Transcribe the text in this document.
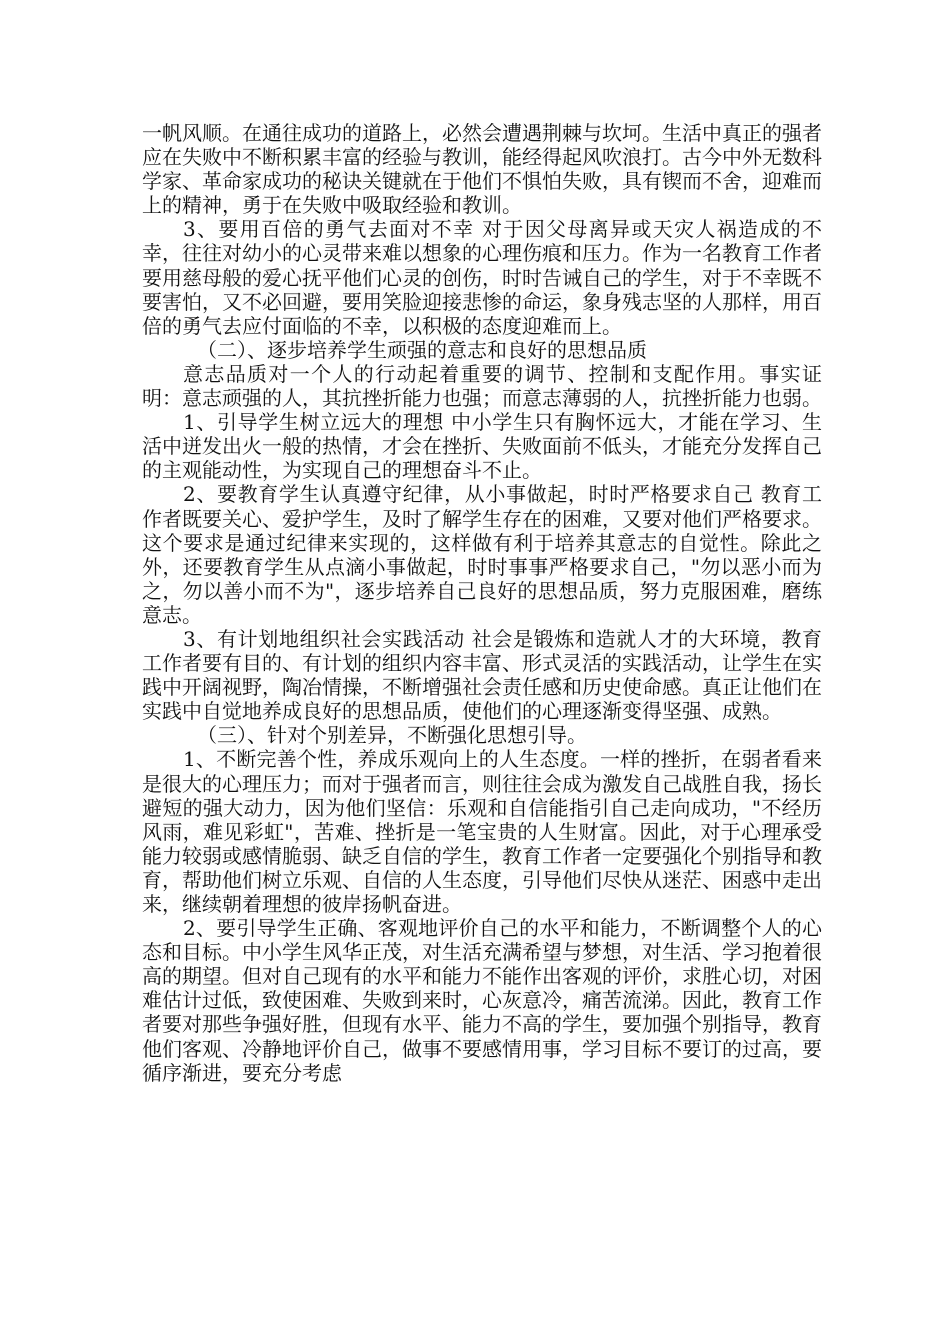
一帆风顺。在通往成功的道路上，必然会遭遇荆棘与坎坷。生活中真正的强者应在失败中不断积累丰富的经验与教训，能经得起风吹浪打。古今中外无数科学家、革命家成功的秘诀关键就在于他们不惧怕失败，具有锲而不舍，迎难而上的精神，勇于在失败中吸取经验和教训。

3、要用百倍的勇气去面对不幸 对于因父母离异或天灾人祸造成的不幸，往往对幼小的心灵带来难以想象的心理伤痕和压力。作为一名教育工作者要用慈母般的爱心抚平他们心灵的创伤，时时告诫自己的学生，对于不幸既不要害怕，又不必回避，要用笑脸迎接悲惨的命运，象身残志坚的人那样，用百倍的勇气去应付面临的不幸，以积极的态度迎难而上。

（二）、逐步培养学生顽强的意志和良好的思想品质

意志品质对一个人的行动起着重要的调节、控制和支配作用。事实证明：意志顽强的人，其抗挫折能力也强；而意志薄弱的人，抗挫折能力也弱。

1、引导学生树立远大的理想 中小学生只有胸怀远大，才能在学习、生活中迸发出火一般的热情，才会在挫折、失败面前不低头，才能充分发挥自己的主观能动性，为实现自己的理想奋斗不止。

2、要教育学生认真遵守纪律，从小事做起，时时严格要求自己 教育工作者既要关心、爱护学生，及时了解学生存在的困难，又要对他们严格要求。这个要求是通过纪律来实现的，这样做有利于培养其意志的自觉性。除此之外，还要教育学生从点滴小事做起，时时事事严格要求自己，"勿以恶小而为之，勿以善小而不为"，逐步培养自己良好的思想品质，努力克服困难，磨练意志。

3、有计划地组织社会实践活动 社会是锻炼和造就人才的大环境，教育工作者要有目的、有计划的组织内容丰富、形式灵活的实践活动，让学生在实践中开阔视野，陶冶情操，不断增强社会责任感和历史使命感。真正让他们在实践中自觉地养成良好的思想品质，使他们的心理逐渐变得坚强、成熟。

（三）、针对个别差异，不断强化思想引导。

1、不断完善个性，养成乐观向上的人生态度。一样的挫折，在弱者看来是很大的心理压力；而对于强者而言，则往往会成为激发自己战胜自我，扬长避短的强大动力，因为他们坚信：乐观和自信能指引自己走向成功，"不经历风雨，难见彩虹"，苦难、挫折是一笔宝贵的人生财富。因此，对于心理承受能力较弱或感情脆弱、缺乏自信的学生，教育工作者一定要强化个别指导和教育，帮助他们树立乐观、自信的人生态度，引导他们尽快从迷茫、困惑中走出来，继续朝着理想的彼岸扬帆奋进。

2、要引导学生正确、客观地评价自己的水平和能力，不断调整个人的心态和目标。中小学生风华正茂，对生活充满希望与梦想，对生活、学习抱着很高的期望。但对自己现有的水平和能力不能作出客观的评价，求胜心切，对困难估计过低，致使困难、失败到来时，心灰意冷，痛苦流涕。因此，教育工作者要对那些争强好胜，但现有水平、能力不高的学生，要加强个别指导，教育他们客观、冷静地评价自己，做事不要感情用事，学习目标不要订的过高，要循序渐进，要充分考虑
